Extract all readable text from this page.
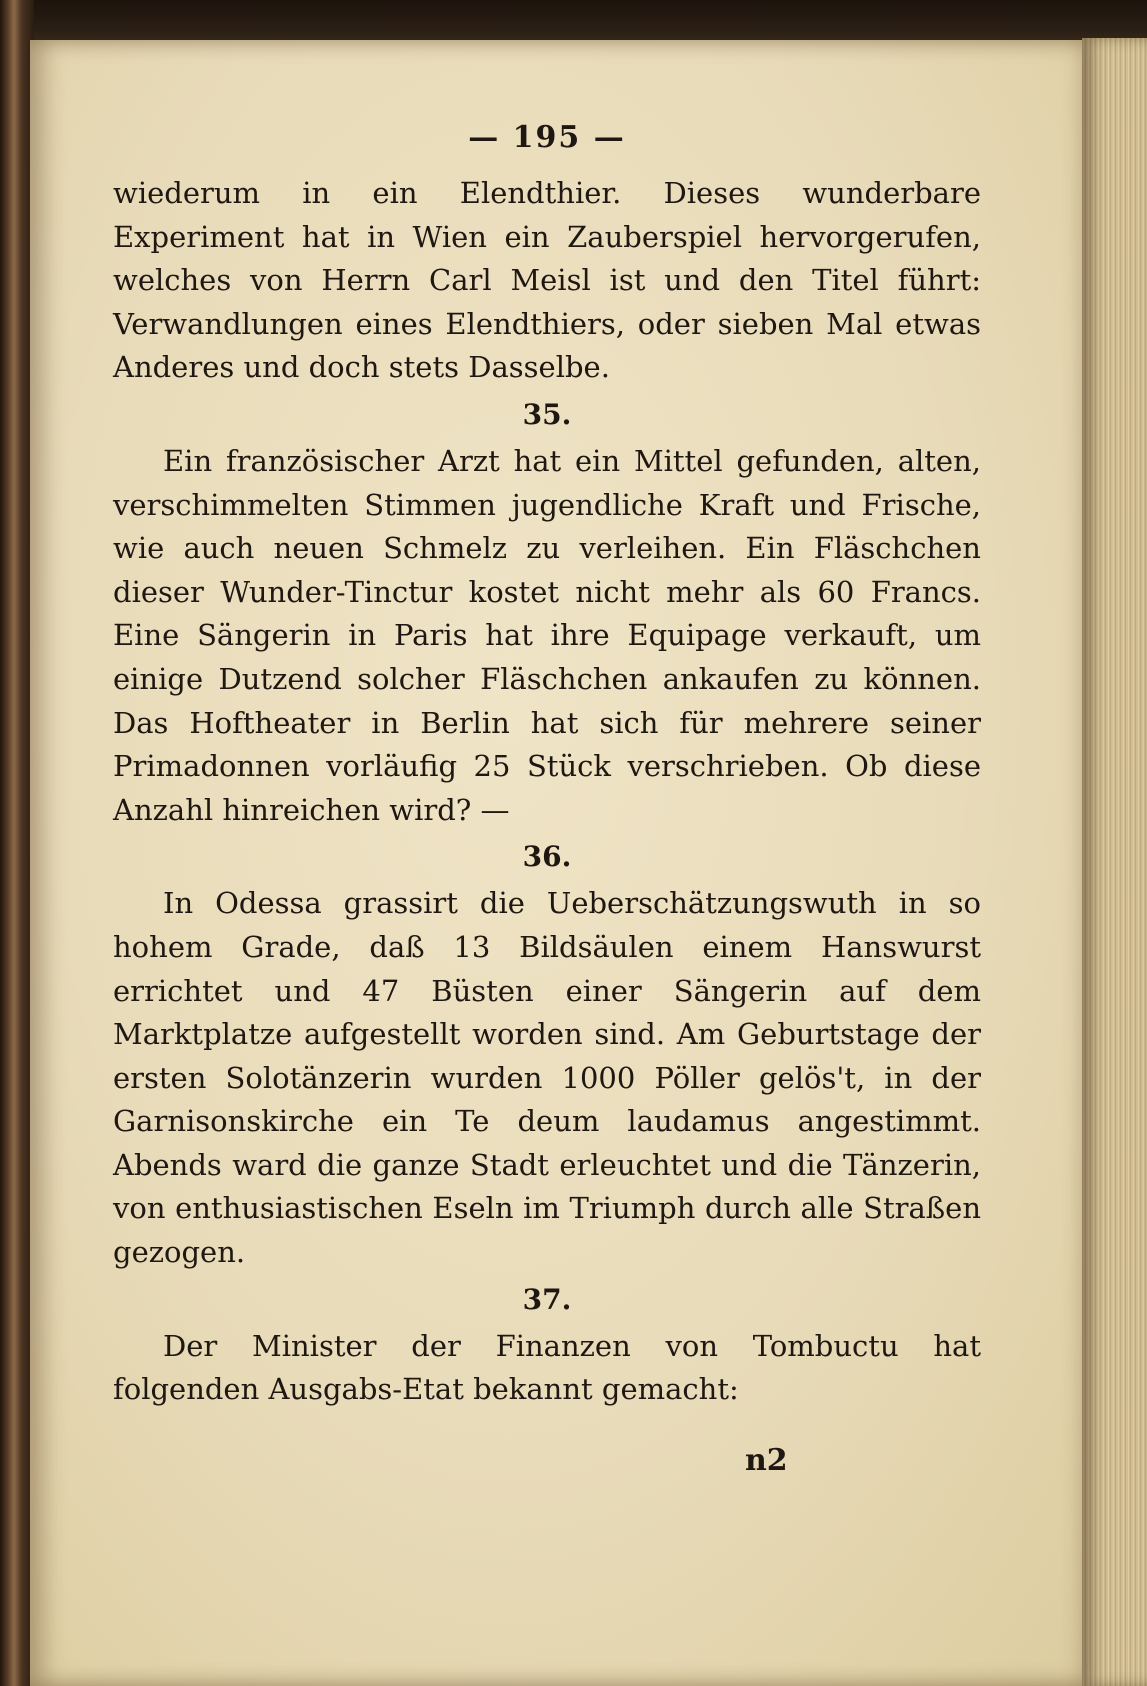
— 195 —

wiederum in ein Elendthier. Dieses wunderbare Experiment hat in Wien ein Zauberspiel hervorgerufen, welches von Herrn Carl Meisl ist und den Titel führt: Verwandlungen eines Elendthiers, oder sieben Mal etwas Anderes und doch stets Dasselbe.

35.

Ein französischer Arzt hat ein Mittel gefunden, alten, verschimmelten Stimmen jugendliche Kraft und Frische, wie auch neuen Schmelz zu verleihen. Ein Fläschchen dieser Wunder-Tinctur kostet nicht mehr als 60 Francs. Eine Sängerin in Paris hat ihre Equipage verkauft, um einige Dutzend solcher Fläschchen ankaufen zu können. Das Hoftheater in Berlin hat sich für mehrere seiner Primadonnen vorläufig 25 Stück verschrieben. Ob diese Anzahl hinreichen wird? —

36.

In Odessa grassirt die Ueberschätzungswuth in so hohem Grade, daß 13 Bildsäulen einem Hanswurst errichtet und 47 Büsten einer Sängerin auf dem Marktplatze aufgestellt worden sind. Am Geburtstage der ersten Solotänzerin wurden 1000 Pöller gelös't, in der Garnisonskirche ein Te deum laudamus angestimmt. Abends ward die ganze Stadt erleuchtet und die Tänzerin, von enthusiastischen Eseln im Triumph durch alle Straßen gezogen.

37.

Der Minister der Finanzen von Tombuctu hat folgenden Ausgabs-Etat bekannt gemacht:

n2
